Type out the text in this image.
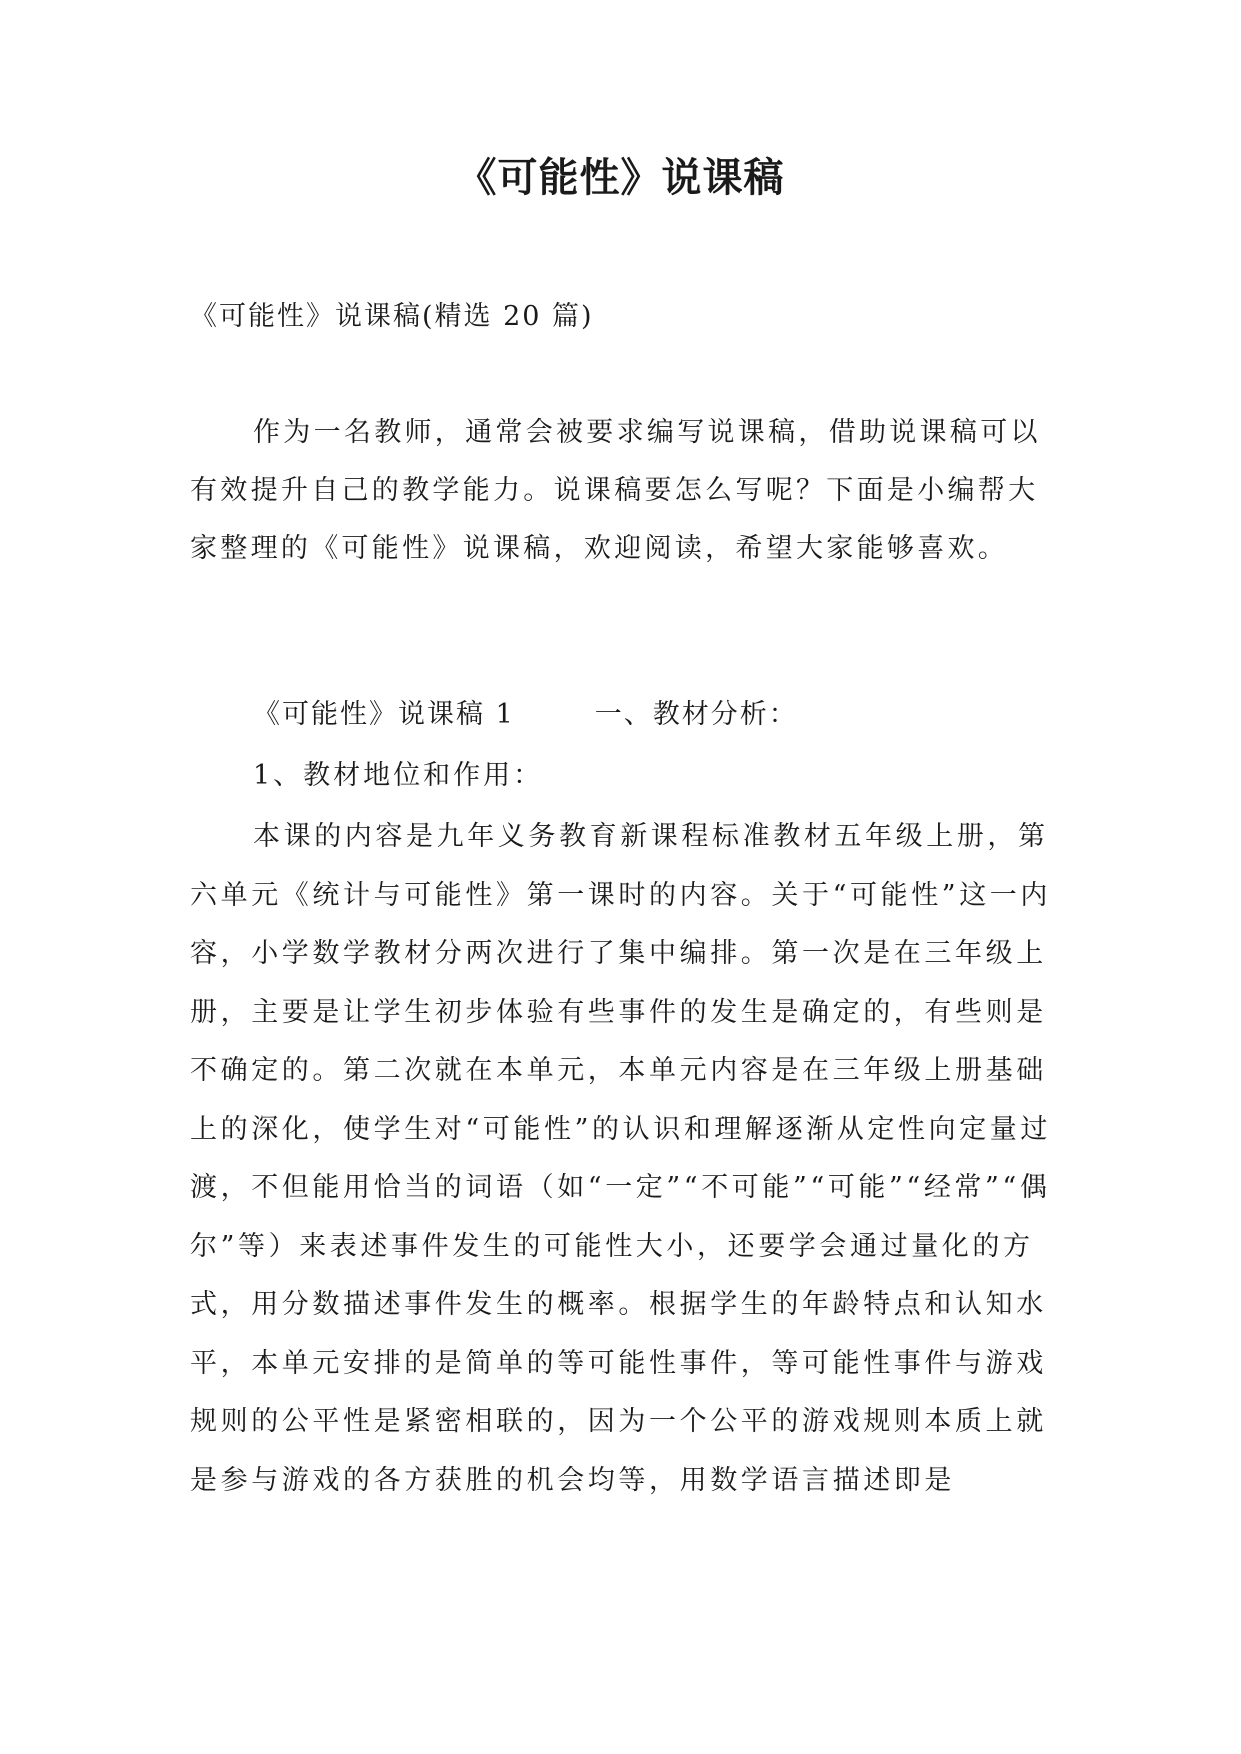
《可能性》说课稿

《可能性》说课稿(精选 20 篇)

作为一名教师，通常会被要求编写说课稿，借助说课稿可以有效提升自己的教学能力。说课稿要怎么写呢？下面是小编帮大家整理的《可能性》说课稿，欢迎阅读，希望大家能够喜欢。

《可能性》说课稿 1	一、教材分析：

1、教材地位和作用：

本课的内容是九年义务教育新课程标准教材五年级上册，第六单元《统计与可能性》第一课时的内容。关于“可能性”这一内容，小学数学教材分两次进行了集中编排。第一次是在三年级上册，主要是让学生初步体验有些事件的发生是确定的，有些则是不确定的。第二次就在本单元，本单元内容是在三年级上册基础上的深化，使学生对“可能性”的认识和理解逐渐从定性向定量过渡，不但能用恰当的词语（如“一定”“不可能”“可能”“经常”“偶尔”等）来表述事件发生的可能性大小，还要学会通过量化的方式，用分数描述事件发生的概率。根据学生的年龄特点和认知水平，本单元安排的是简单的等可能性事件，等可能性事件与游戏规则的公平性是紧密相联的，因为一个公平的游戏规则本质上就是参与游戏的各方获胜的机会均等，用数学语言描述即是
